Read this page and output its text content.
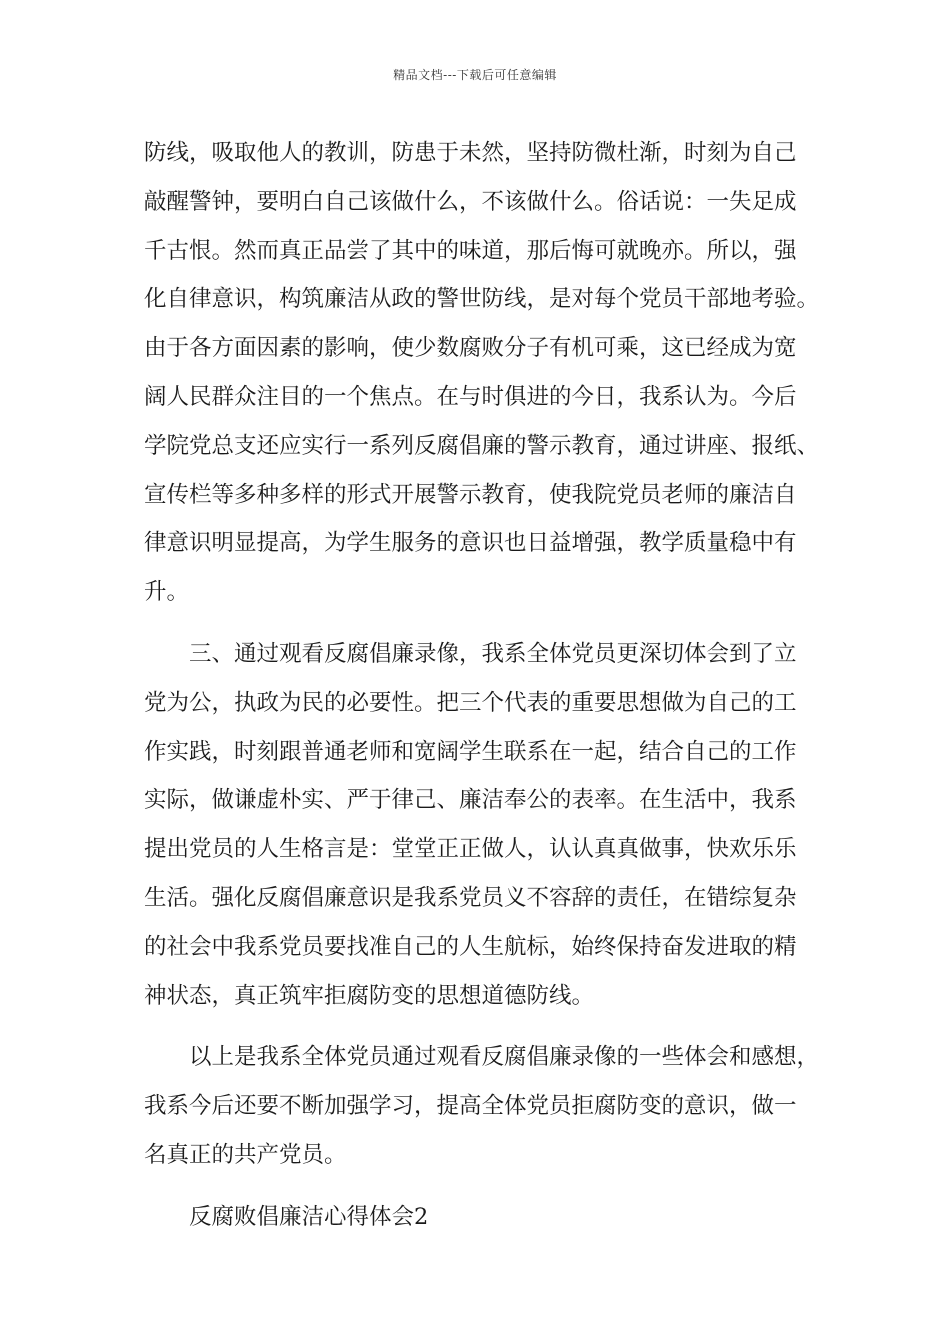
精品文档---下载后可任意编辑

防线，吸取他人的教训，防患于未然，坚持防微杜渐，时刻为自己
敲醒警钟，要明白自己该做什么，不该做什么。俗话说：一失足成
千古恨。然而真正品尝了其中的味道，那后悔可就晚亦。所以，强
化自律意识，构筑廉洁从政的警世防线，是对每个党员干部地考验。
由于各方面因素的影响，使少数腐败分子有机可乘，这已经成为宽
阔人民群众注目的一个焦点。在与时俱进的今日，我系认为。今后
学院党总支还应实行一系列反腐倡廉的警示教育，通过讲座、报纸、
宣传栏等多种多样的形式开展警示教育，使我院党员老师的廉洁自
律意识明显提高，为学生服务的意识也日益增强，教学质量稳中有
升。

三、通过观看反腐倡廉录像，我系全体党员更深切体会到了立
党为公，执政为民的必要性。把三个代表的重要思想做为自己的工
作实践，时刻跟普通老师和宽阔学生联系在一起，结合自己的工作
实际，做谦虚朴实、严于律己、廉洁奉公的表率。在生活中，我系
提出党员的人生格言是：堂堂正正做人，认认真真做事，快欢乐乐
生活。强化反腐倡廉意识是我系党员义不容辞的责任，在错综复杂
的社会中我系党员要找准自己的人生航标，始终保持奋发进取的精
神状态，真正筑牢拒腐防变的思想道德防线。

以上是我系全体党员通过观看反腐倡廉录像的一些体会和感想，
我系今后还要不断加强学习，提高全体党员拒腐防变的意识，做一
名真正的共产党员。

反腐败倡廉洁心得体会2
